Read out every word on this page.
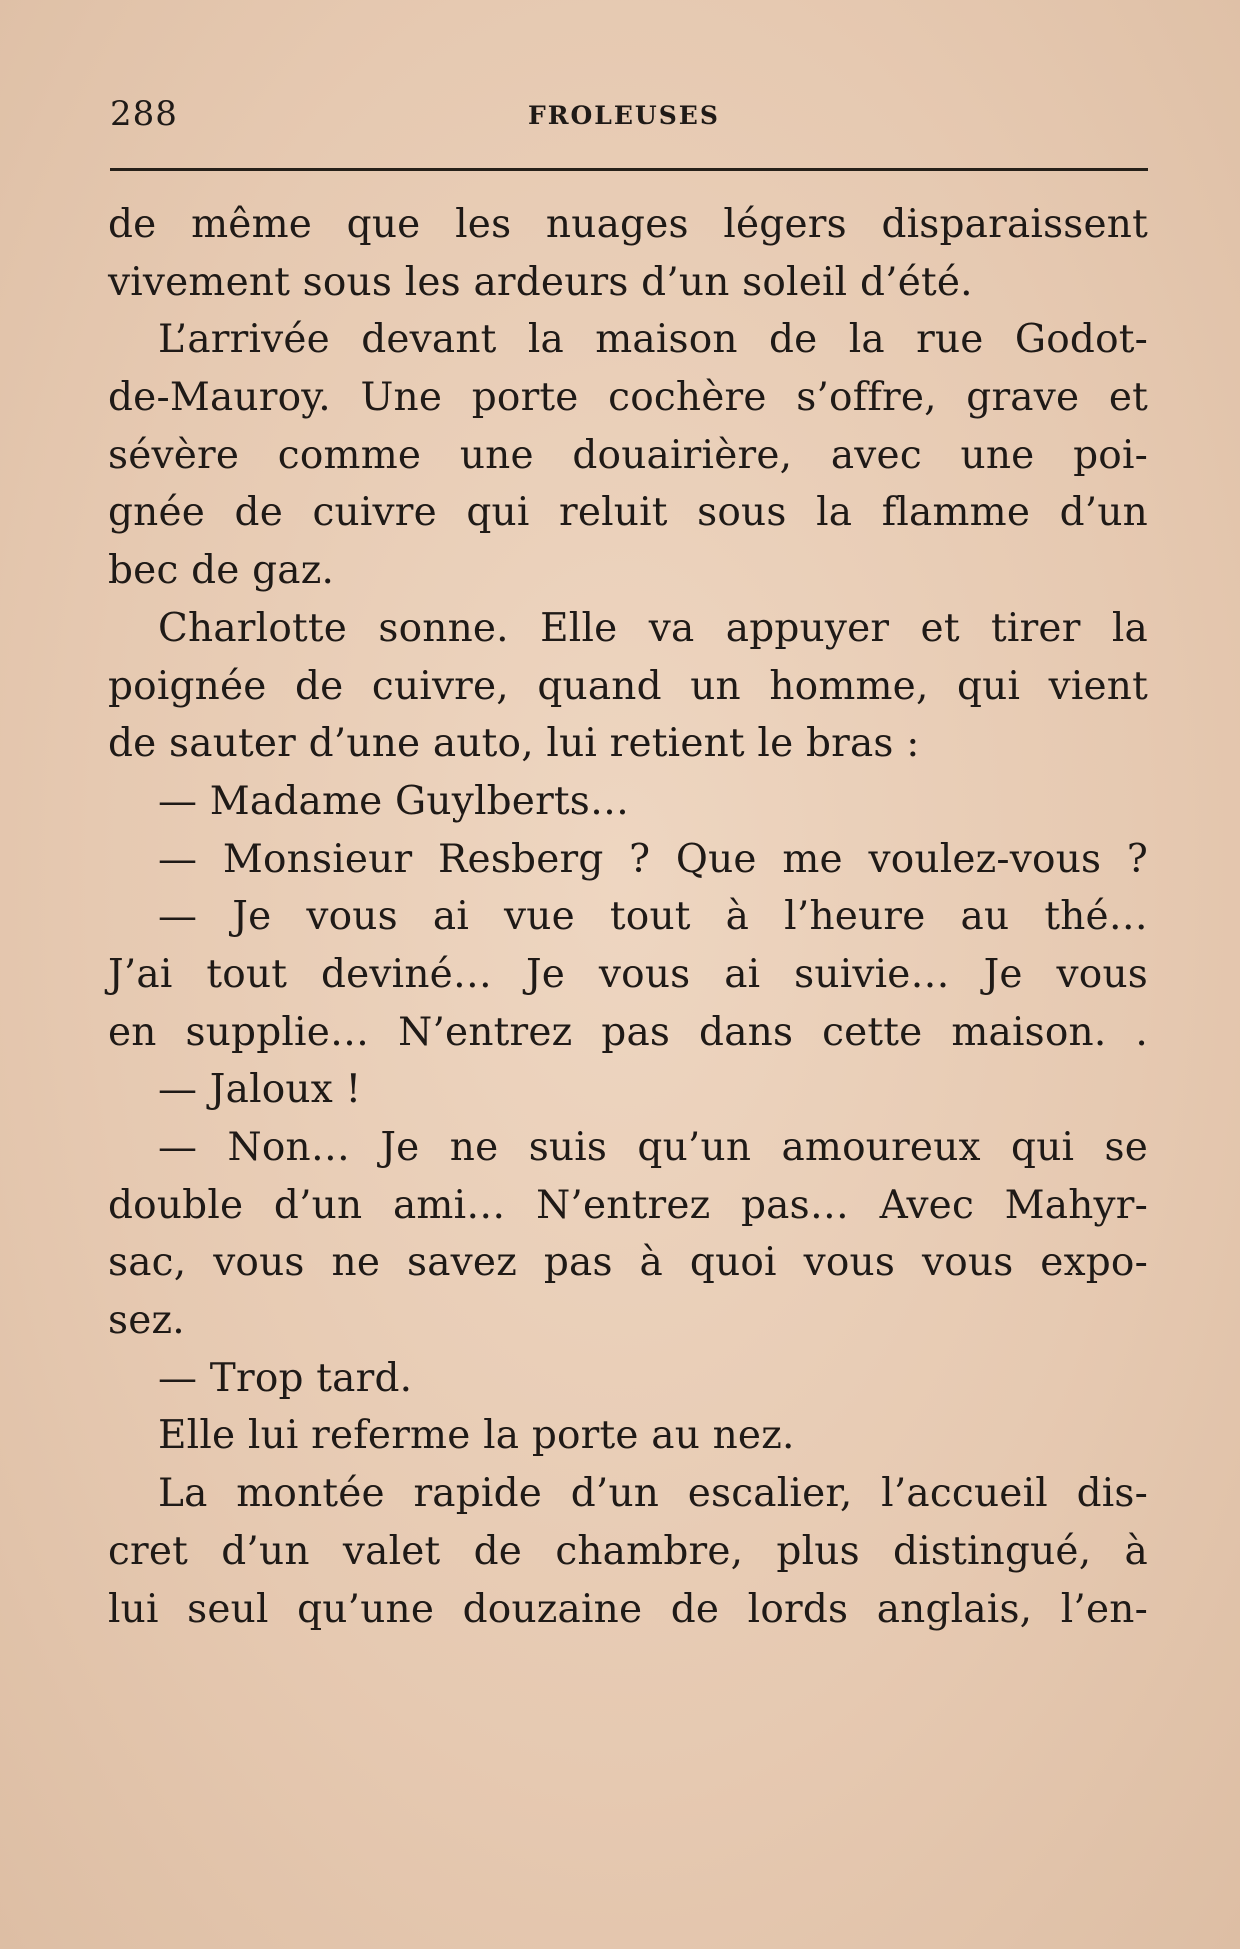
288	FROLEUSES
de même que les nuages légers disparaissent
vivement sous les ardeurs d’un soleil d’été.
L’arrivée devant la maison de la rue Godot-
de-Mauroy. Une porte cochère s’offre, grave et
sévère comme une douairière, avec une poi-
gnée de cuivre qui reluit sous la flamme d’un
bec de gaz.
Charlotte sonne. Elle va appuyer et tirer la
poignée de cuivre, quand un homme, qui vient
de sauter d’une auto, lui retient le bras :
— Madame Guylberts…
— Monsieur Resberg ? Que me voulez-vous ?
— Je vous ai vue tout à l’heure au thé…
J’ai tout deviné… Je vous ai suivie… Je vous
en supplie… N’entrez pas dans cette maison. .
— Jaloux !
— Non… Je ne suis qu’un amoureux qui se
double d’un ami… N’entrez pas… Avec Mahyr-
sac, vous ne savez pas à quoi vous vous expo-
sez.
— Trop tard.
Elle lui referme la porte au nez.
La montée rapide d’un escalier, l’accueil dis-
cret d’un valet de chambre, plus distingué, à
lui seul qu’une douzaine de lords anglais, l’en-
